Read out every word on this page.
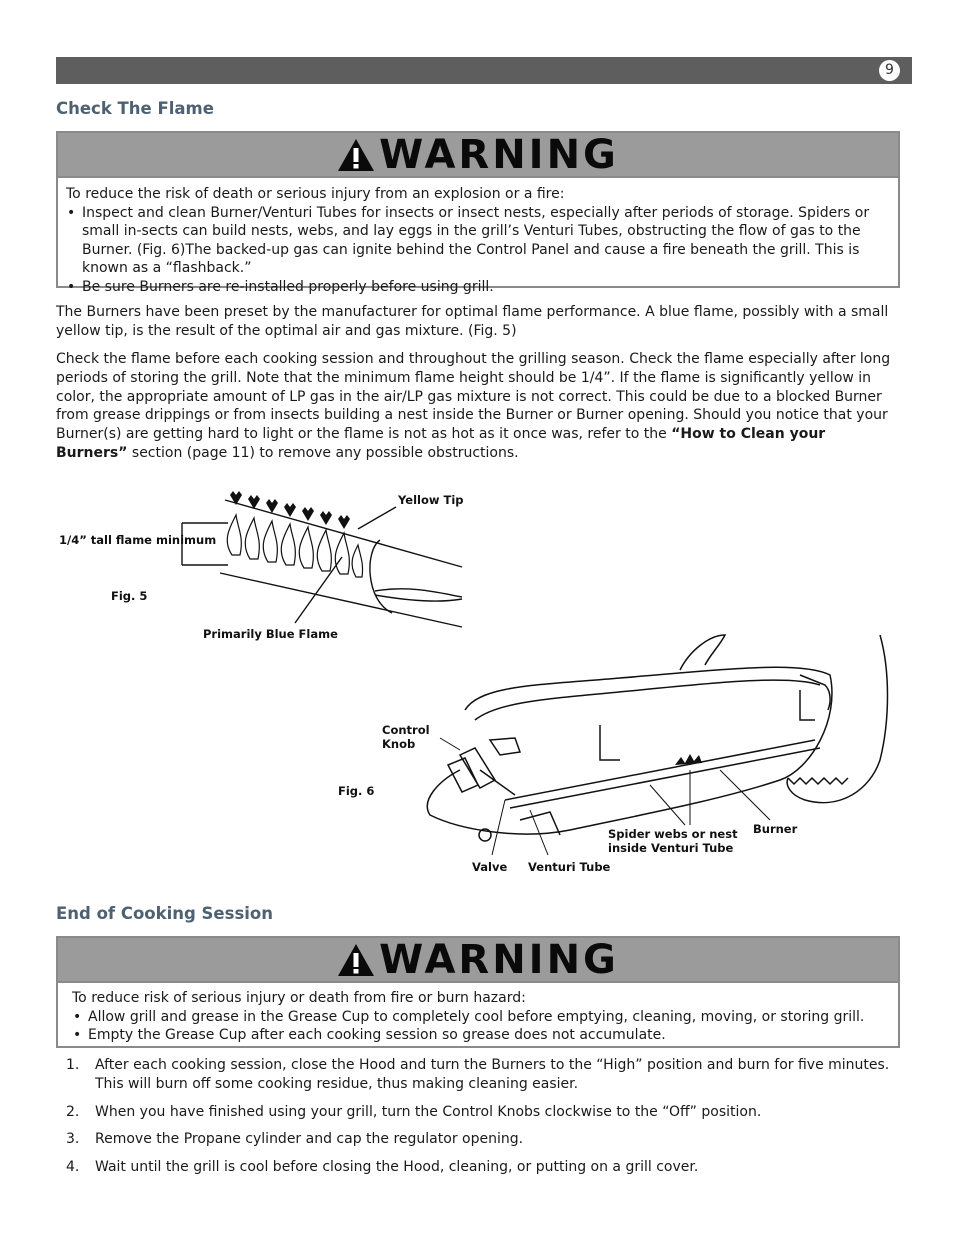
9
Check The Flame
WARNING
To reduce the risk of death or serious injury from an explosion or a fire:
• Inspect and clean Burner/Venturi Tubes for insects or insect nests, especially after periods of storage. Spiders or small in-sects can build nests, webs, and lay eggs in the grill’s Venturi Tubes, obstructing the flow of gas to the Burner. (Fig. 6)The backed-up gas can ignite behind the Control Panel and cause a fire beneath the grill. This is known as a “flashback.”
• Be sure Burners are re-installed properly before using grill.
The Burners have been preset by the manufacturer for optimal flame performance. A blue flame, possibly with a small yellow tip, is the result of the optimal air and gas mixture. (Fig. 5)
Check the flame before each cooking session and throughout the grilling season. Check the flame especially after long periods of storing the grill. Note that the minimum flame height should be 1/4”. If the flame is significantly yellow in color, the appropriate amount of LP gas in the air/LP gas mixture is not correct. This could be due to a blocked Burner from grease drippings or from insects building a nest inside the Burner or Burner opening. Should you notice that your Burner(s) are getting hard to light or the flame is not as hot as it once was, refer to the “How to Clean your Burners” section (page 11) to remove any possible obstructions.
Yellow Tip
1/4” tall flame minimum
Fig. 5
Primarily Blue Flame
Control
Knob
Fig. 6
Spider webs or nest
inside Venturi Tube
Burner
Valve Venturi Tube
End of Cooking Session
WARNING
To reduce risk of serious injury or death from fire or burn hazard:
• Allow grill and grease in the Grease Cup to completely cool before emptying, cleaning, moving, or storing grill.
• Empty the Grease Cup after each cooking session so grease does not accumulate.
1. After each cooking session, close the Hood and turn the Burners to the “High” position and burn for five minutes. This will burn off some cooking residue, thus making cleaning easier.
2. When you have finished using your grill, turn the Control Knobs clockwise to the “Off” position.
3. Remove the Propane cylinder and cap the regulator opening.
4. Wait until the grill is cool before closing the Hood, cleaning, or putting on a grill cover.
